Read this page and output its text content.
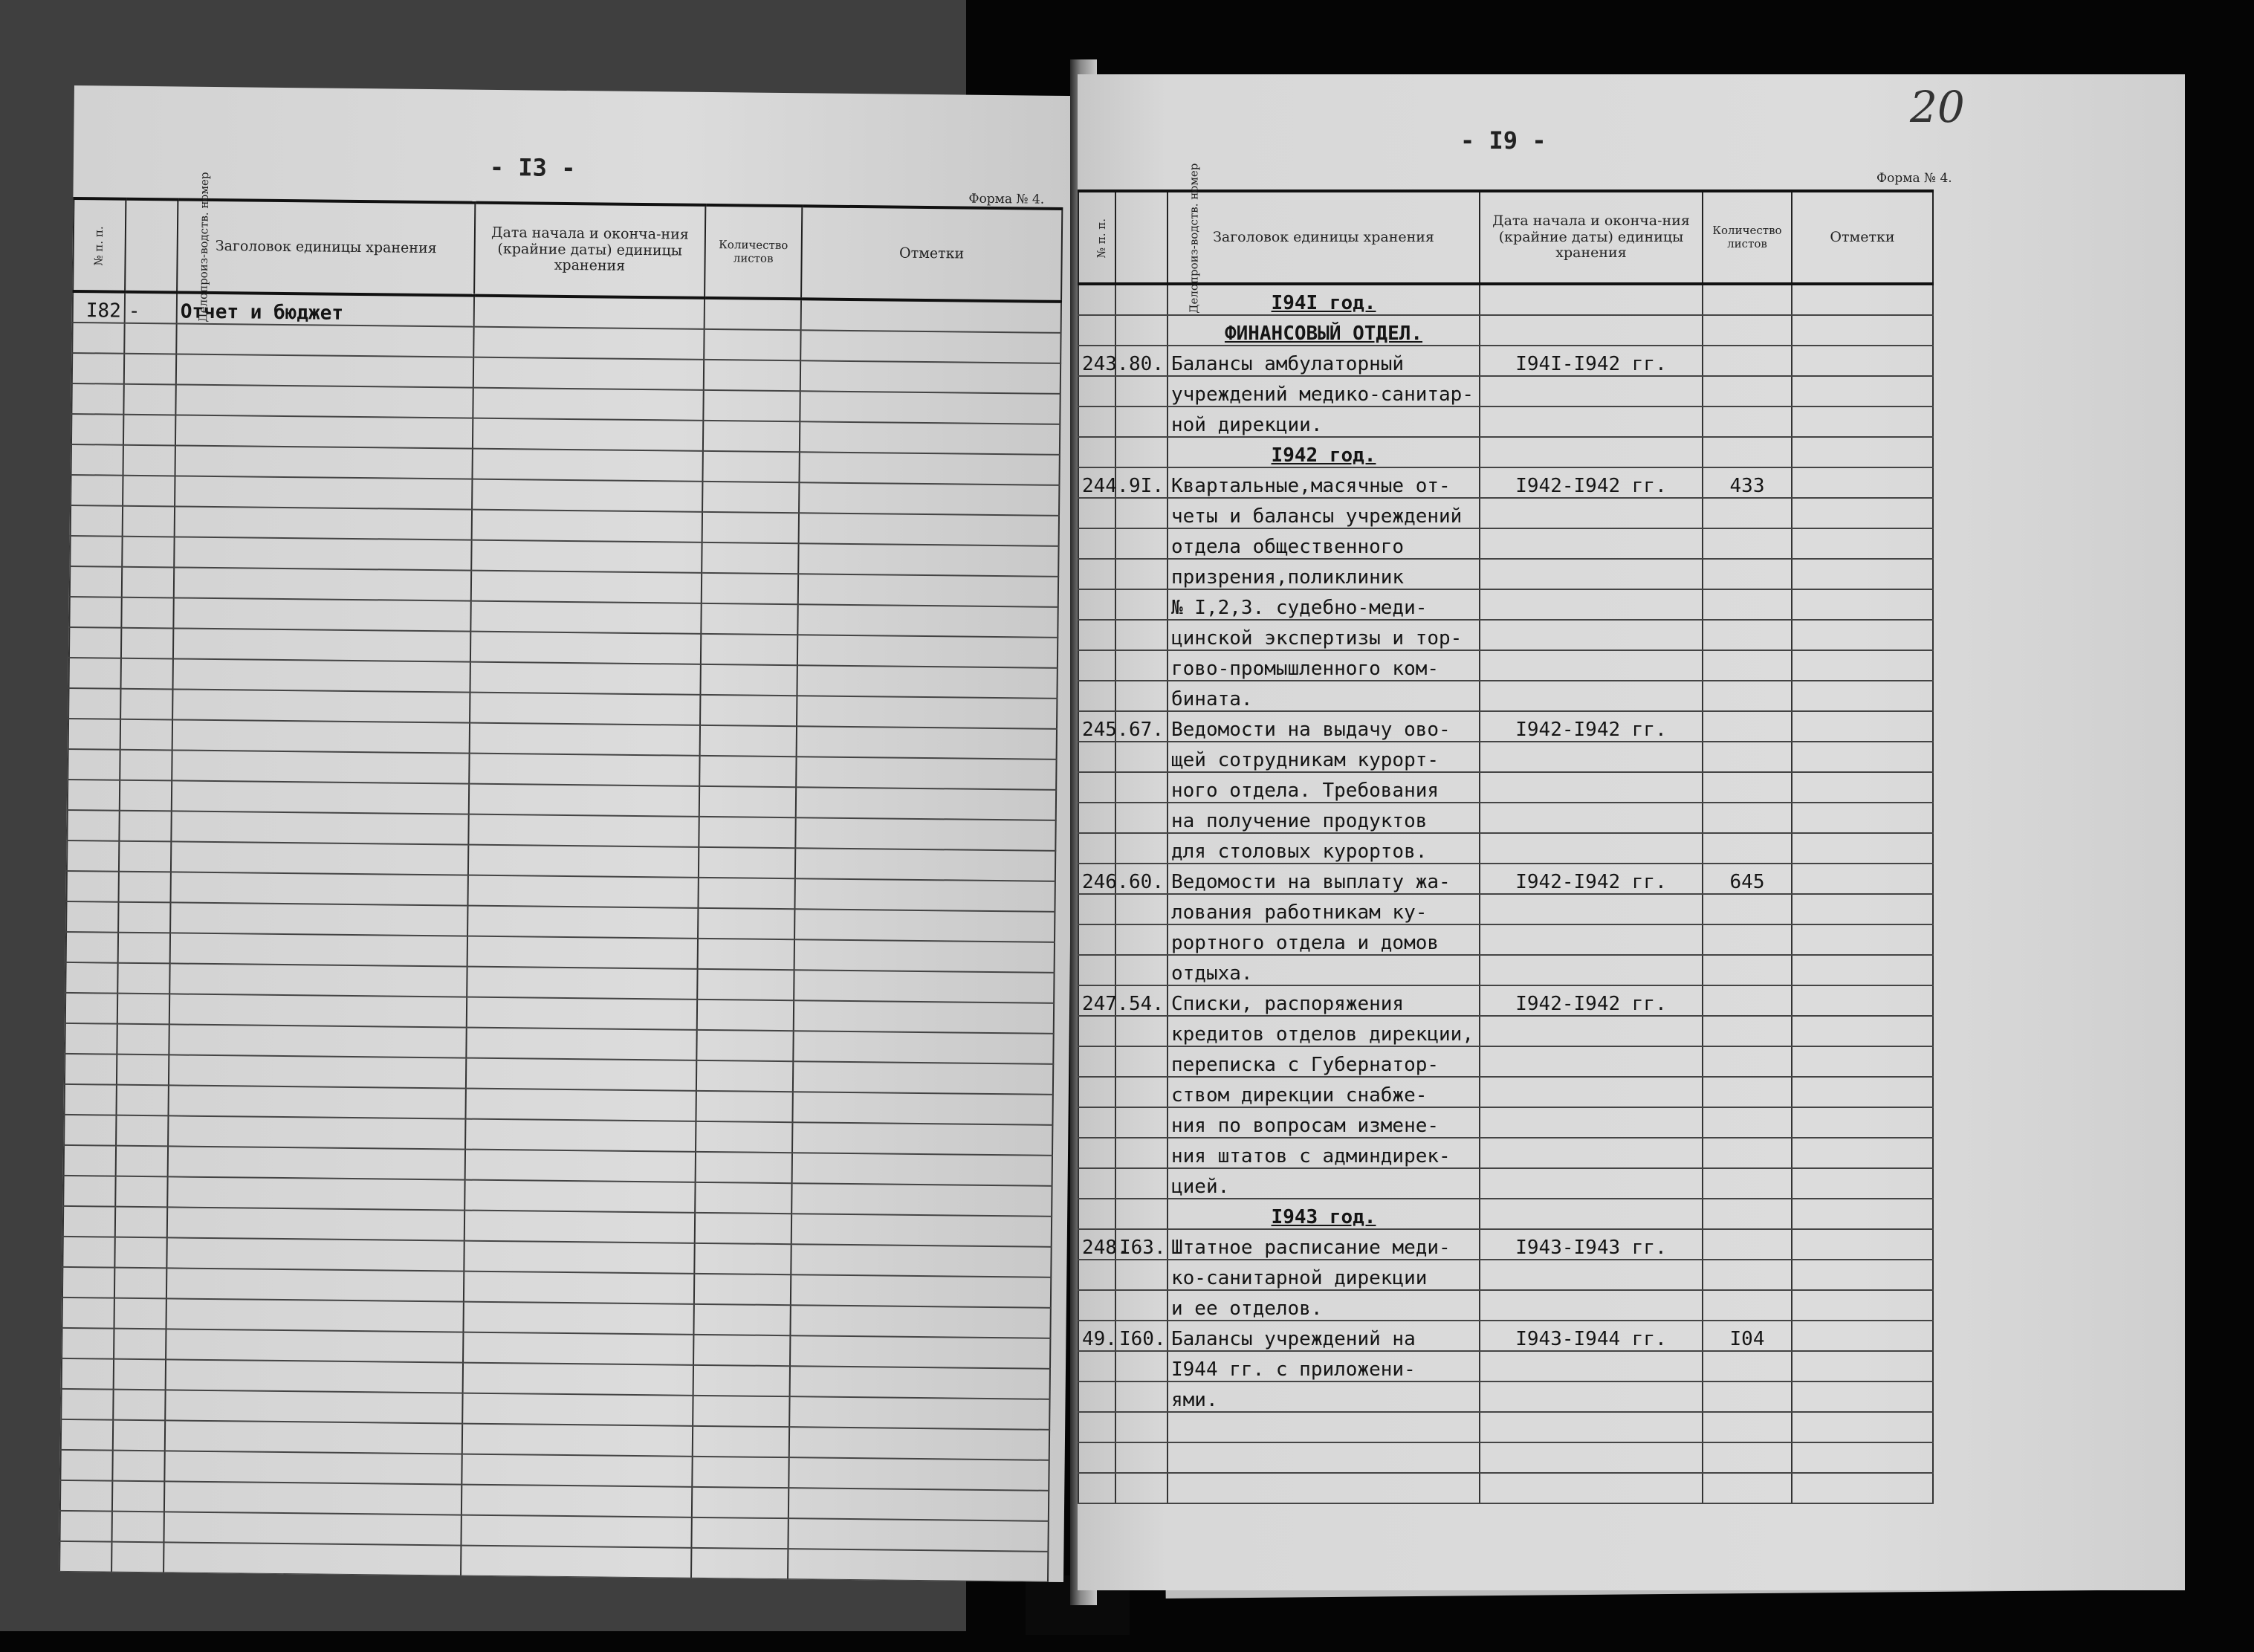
- I3 -
Форма № 4.
№ п. п.	Делопроиз-водств. номер	Заголовок единицы хранения	Дата начала и оконча-ния (крайние даты) единицы хранения	Количество листов	Отметки
I82	-	Отчет и бюджет			

- I9 -
Форма № 4.
20
№ п. п.	Делопроиз-водств. номер	Заголовок единицы хранения	Дата начала и оконча-ния (крайние даты) единицы хранения	Количество листов	Отметки
		I94I год.			
		ФИНАНСОВЫЙ ОТДЕЛ.			
243.	80.	Балансы амбулаторный	I94I-I942 гг.		
		учреждений медико-санитар-			
		ной дирекции.			
		I942 год.			
244.	9I.	Квартальные,масячные от-	I942-I942 гг.	433	
		четы и балансы учреждений			
		отдела общественного			
		призрения,поликлиник			
		№ I,2,3. судебно-меди-			
		цинской экспертизы и тор-			
		гово-промышленного ком-			
		бината.			
245.	67.	Ведомости на выдачу ово-	I942-I942 гг.		
		щей сотрудникам курорт-			
		ного отдела. Требования			
		на получение продуктов			
		для столовых курортов.			
246.	60.	Ведомости на выплату жа-	I942-I942 гг.	645	
		лования работникам ку-			
		рортного отдела и домов			
		отдыха.			
247.	54.	Списки, распоряжения	I942-I942 гг.		
		кредитов отделов дирекции,			
		переписка с Губернатор-			
		ством дирекции снабже-			
		ния по вопросам измене-			
		ния штатов с админдирек-			
		цией.			
		I943 год.			
248.	I63.	Штатное расписание меди-	I943-I943 гг.		
		ко-санитарной дирекции			
		и ее отделов.			
49.	I60.	Балансы учреждений на	I943-I944 гг.	I04	
		I944 гг. с приложени-			
		ями.			
